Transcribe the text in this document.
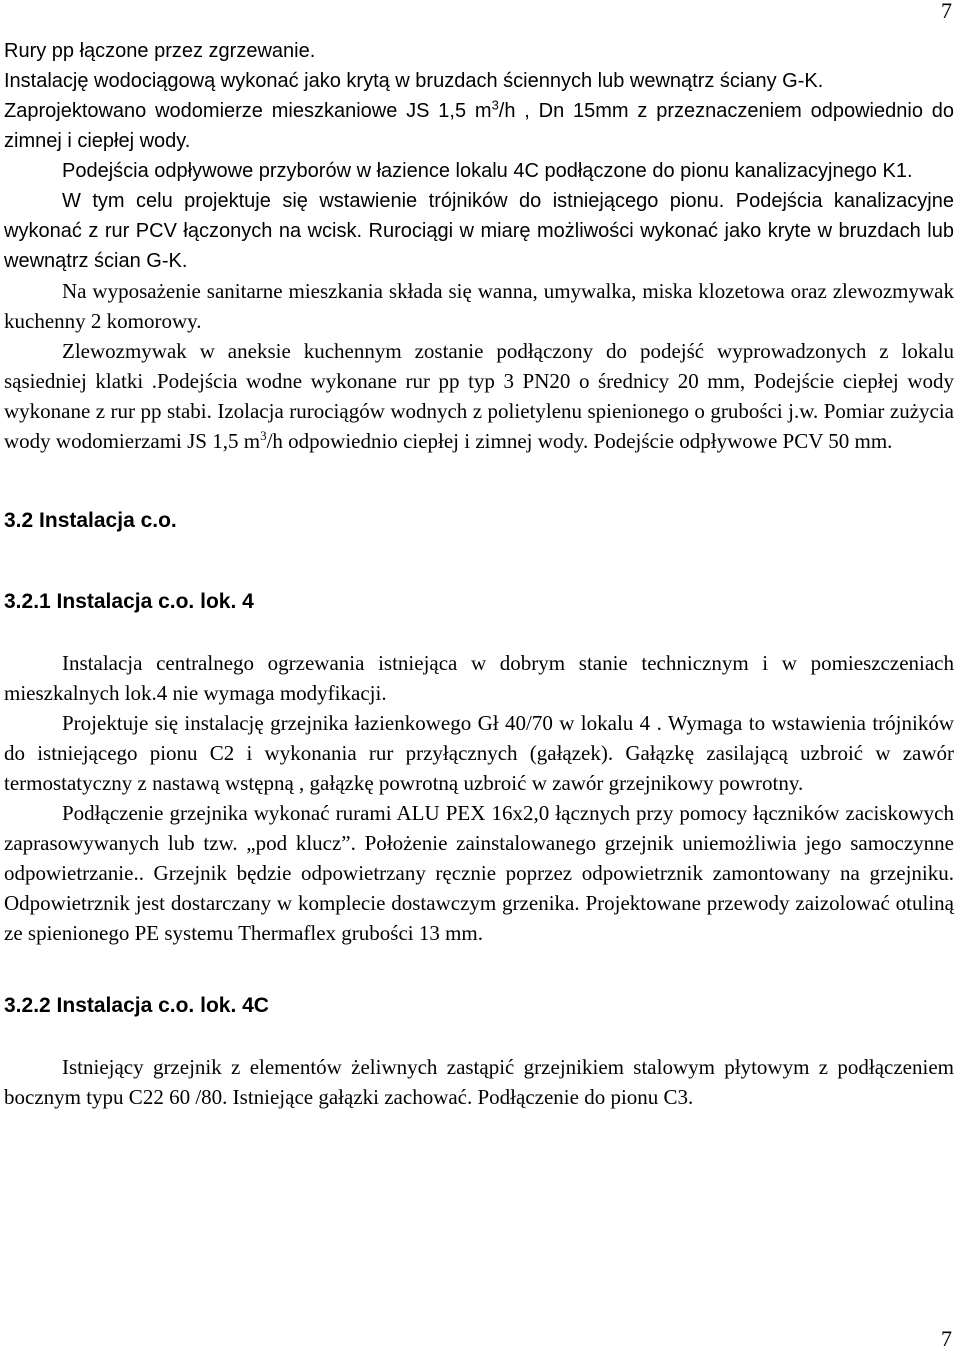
7

Rury pp łączone przez zgrzewanie.

Instalację wodociągową wykonać jako krytą w bruzdach ściennych lub wewnątrz ściany G-K.

Zaprojektowano wodomierze mieszkaniowe JS 1,5 $m^3/h$ , Dn 15mm z przeznaczeniem odpowiednio do zimnej i ciepłej wody.

Podejścia odpływowe przyborów w łazience lokalu 4C podłączone do pionu kanalizacyjnego K1.

W tym celu projektuje się wstawienie trójników do istniejącego pionu. Podejścia kanalizacyjne wykonać z rur PCV łączonych na wcisk. Rurociągi w miarę możliwości wykonać jako kryte w bruzdach lub wewnątrz ścian G-K.

Na wyposażenie sanitarne mieszkania składa się wanna, umywalka, miska klozetowa oraz zlewozmywak kuchenny 2 komorowy.

Zlewozmywak w aneksie kuchennym zostanie podłączony do podejść wyprowadzonych z lokalu sąsiedniej klatki .Podejścia wodne wykonane rur pp typ 3 PN20 o średnicy 20 mm, Podejście ciepłej wody wykonane z rur pp stabi. Izolacja rurociągów wodnych z polietylenu spienionego o grubości j.w. Pomiar zużycia wody wodomierzami JS 1,5 $m^3/h$ odpowiednio ciepłej i zimnej wody. Podejście odpływowe PCV 50 mm.

3.2 Instalacja c.o.
3.2.1 Instalacja c.o. lok. 4

Instalacja centralnego ogrzewania istniejąca w dobrym stanie technicznym i w pomieszczeniach mieszkalnych lok.4 nie wymaga modyfikacji.

Projektuje się instalację grzejnika łazienkowego Gł 40/70 w lokalu 4 . Wymaga to wstawienia trójników do istniejącego pionu C2 i wykonania rur przyłącznych (gałązek). Gałązkę zasilającą uzbroić w zawór termostatyczny z nastawą wstępną , gałązkę powrotną uzbroić w zawór grzejnikowy powrotny.

Podłączenie grzejnika wykonać rurami ALU PEX 16x2,0 łącznych przy pomocy łączników zaciskowych zaprasowywanych lub tzw. „pod klucz”. Położenie zainstalowanego grzejnik uniemożliwia jego samoczynne odpowietrzanie.. Grzejnik będzie odpowietrzany ręcznie poprzez odpowietrznik zamontowany na grzejniku. Odpowietrznik jest dostarczany w komplecie dostawczym grzenika. Projektowane przewody zaizolować otuliną ze spienionego PE systemu Thermaflex grubości 13 mm.

3.2.2 Instalacja c.o. lok. 4C

Istniejący grzejnik z elementów żeliwnych zastąpić grzejnikiem stalowym płytowym z podłączeniem bocznym typu C22 60 /80. Istniejące gałązki zachować. Podłączenie do pionu C3.

7
